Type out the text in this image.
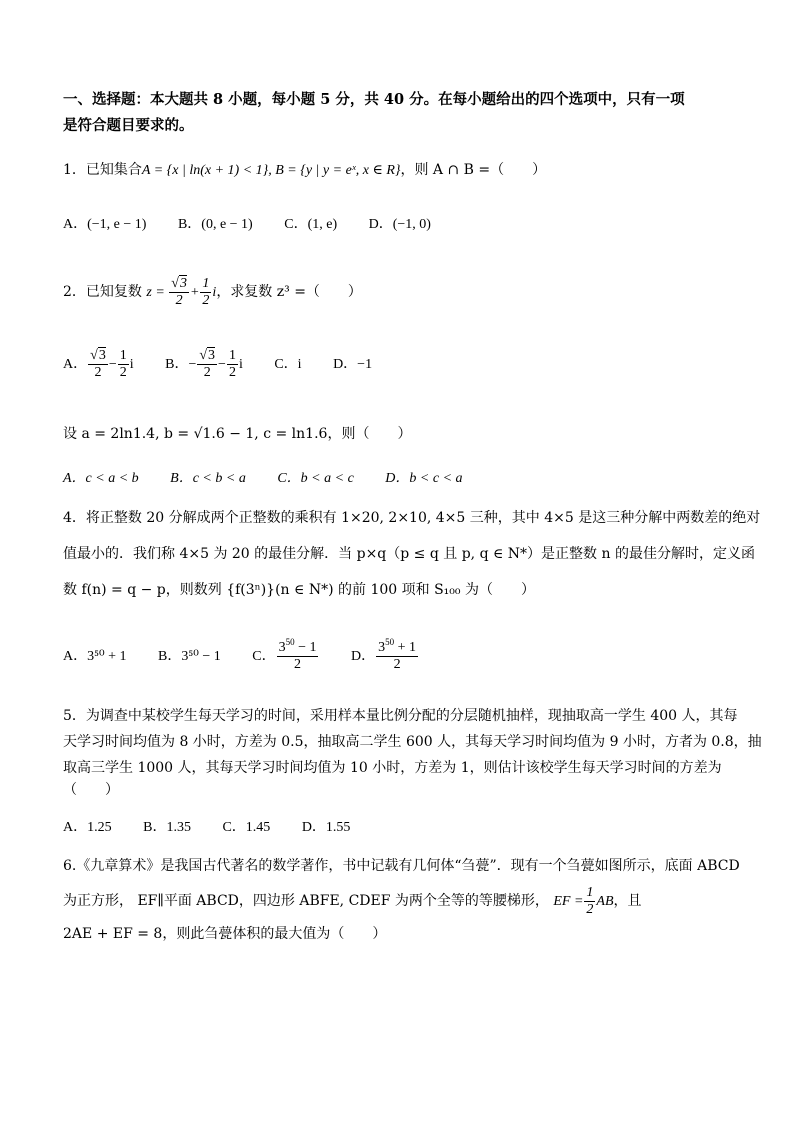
一、选择题：本大题共 8 小题，每小题 5 分，共 40 分。在每小题给出的四个选项中，只有一项
是符合题目要求的。
1．已知集合A = {x | ln(x + 1) < 1}, B = {y | y = eˣ, x ∈ R}，则 A ∩ B =（　　）
A．(−1, e − 1) B．(0, e − 1) C．(1, e) D．(−1, 0)
2．已知复数 $z = \frac{√3}{2} + \frac{1}{2}$ i，求复数 z³ =（　　）
A． $\frac{√3}{2} - \frac{1}{2}$ i B．− $\frac{√3}{2} - \frac{1}{2}$ i C．i D．−1
设 a = 2ln1.4, b = √1.6 − 1, c = ln1.6，则（　　）
A．c < a < b B．c < b < a C．b < a < c D．b < c < a
4．将正整数 20 分解成两个正整数的乘积有 1×20, 2×10, 4×5 三种，其中 4×5 是这三种分解中两数差的绝对
值最小的．我们称 4×5 为 20 的最佳分解．当 p×q（p ≤ q 且 p, q ∈ N*）是正整数 n 的最佳分解时，定义函
数 f(n) = q − p，则数列 {f(3ⁿ)}(n ∈ N*) 的前 100 项和 S₁₀₀ 为（　　）
A．3⁵⁰ + 1 B．3⁵⁰ − 1 C． $\frac{3^{50} - 1}{2}$ D． $\frac{3^{50} + 1}{2}$
5．为调查中某校学生每天学习的时间，采用样本量比例分配的分层随机抽样，现抽取高一学生 400 人，其每
天学习时间均值为 8 小时，方差为 0.5，抽取高二学生 600 人，其每天学习时间均值为 9 小时，方者为 0.8，抽
取高三学生 1000 人，其每天学习时间均值为 10 小时，方差为 1，则估计该校学生每天学习时间的方差为
（　　）
A．1.25 B．1.35 C．1.45 D．1.55
6.《九章算术》是我国古代著名的数学著作，书中记载有几何体“刍甍”．现有一个刍甍如图所示，底面 ABCD
为正方形， EF∥平面 ABCD，四边形 ABFE, CDEF 为两个全等的等腰梯形， EF = $\frac{1}{2}$ AB，且
2AE + EF = 8，则此刍甍体积的最大值为（　　）
